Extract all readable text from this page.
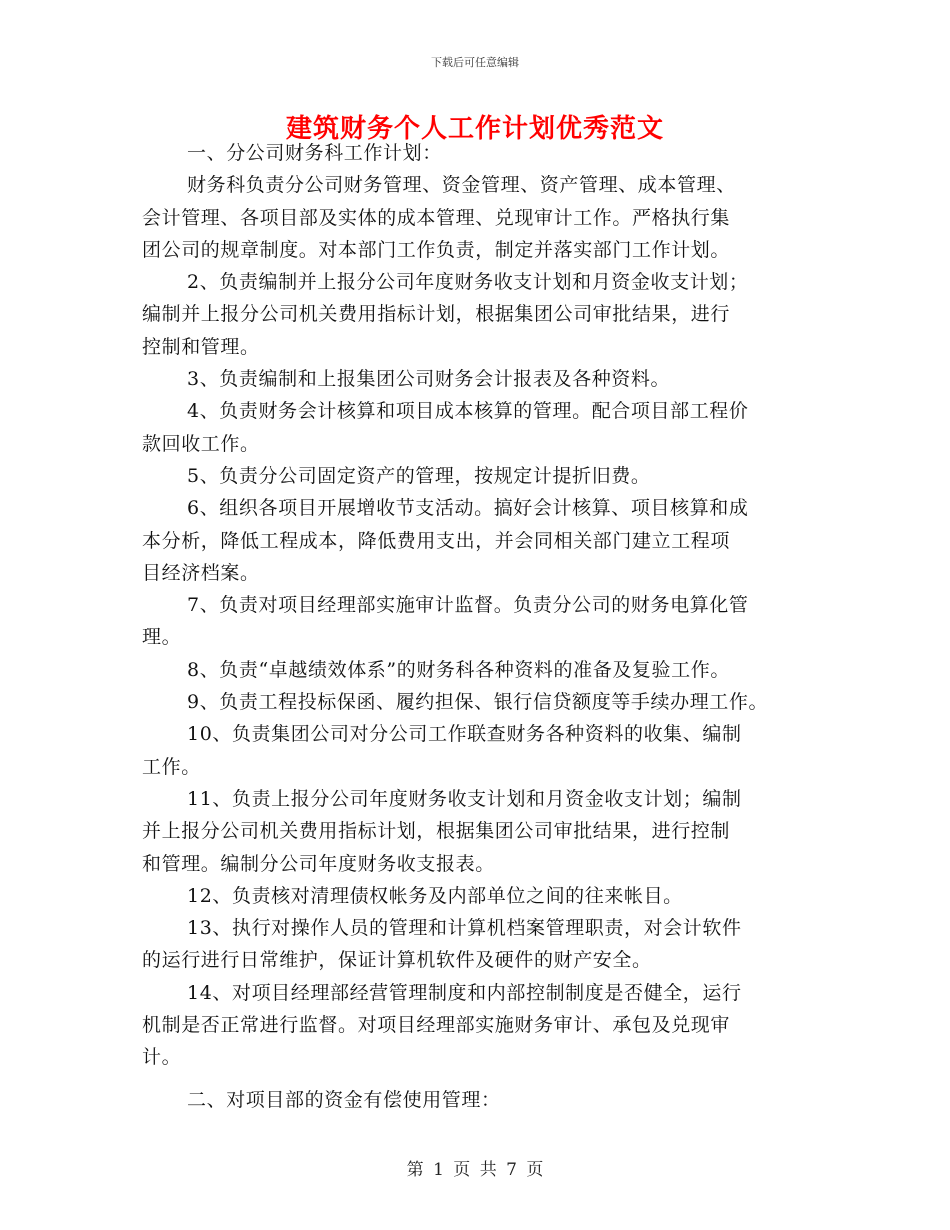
下载后可任意编辑
建筑财务个人工作计划优秀范文

一、分公司财务科工作计划：

财务科负责分公司财务管理、资金管理、资产管理、成本管理、
会计管理、各项目部及实体的成本管理、兑现审计工作。严格执行集
团公司的规章制度。对本部门工作负责，制定并落实部门工作计划。

2、负责编制并上报分公司年度财务收支计划和月资金收支计划；
编制并上报分公司机关费用指标计划，根据集团公司审批结果，进行
控制和管理。

3、负责编制和上报集团公司财务会计报表及各种资料。

4、负责财务会计核算和项目成本核算的管理。配合项目部工程价
款回收工作。

5、负责分公司固定资产的管理，按规定计提折旧费。

6、组织各项目开展增收节支活动。搞好会计核算、项目核算和成
本分析，降低工程成本，降低费用支出，并会同相关部门建立工程项
目经济档案。

7、负责对项目经理部实施审计监督。负责分公司的财务电算化管
理。

8、负责“卓越绩效体系”的财务科各种资料的准备及复验工作。

9、负责工程投标保函、履约担保、银行信贷额度等手续办理工作。

10、负责集团公司对分公司工作联查财务各种资料的收集、编制
工作。

11、负责上报分公司年度财务收支计划和月资金收支计划；编制
并上报分公司机关费用指标计划，根据集团公司审批结果，进行控制
和管理。编制分公司年度财务收支报表。

12、负责核对清理债权帐务及内部单位之间的往来帐目。

13、执行对操作人员的管理和计算机档案管理职责，对会计软件
的运行进行日常维护，保证计算机软件及硬件的财产安全。

14、对项目经理部经营管理制度和内部控制制度是否健全，运行
机制是否正常进行监督。对项目经理部实施财务审计、承包及兑现审
计。

二、对项目部的资金有偿使用管理：

第 1 页 共 7 页
